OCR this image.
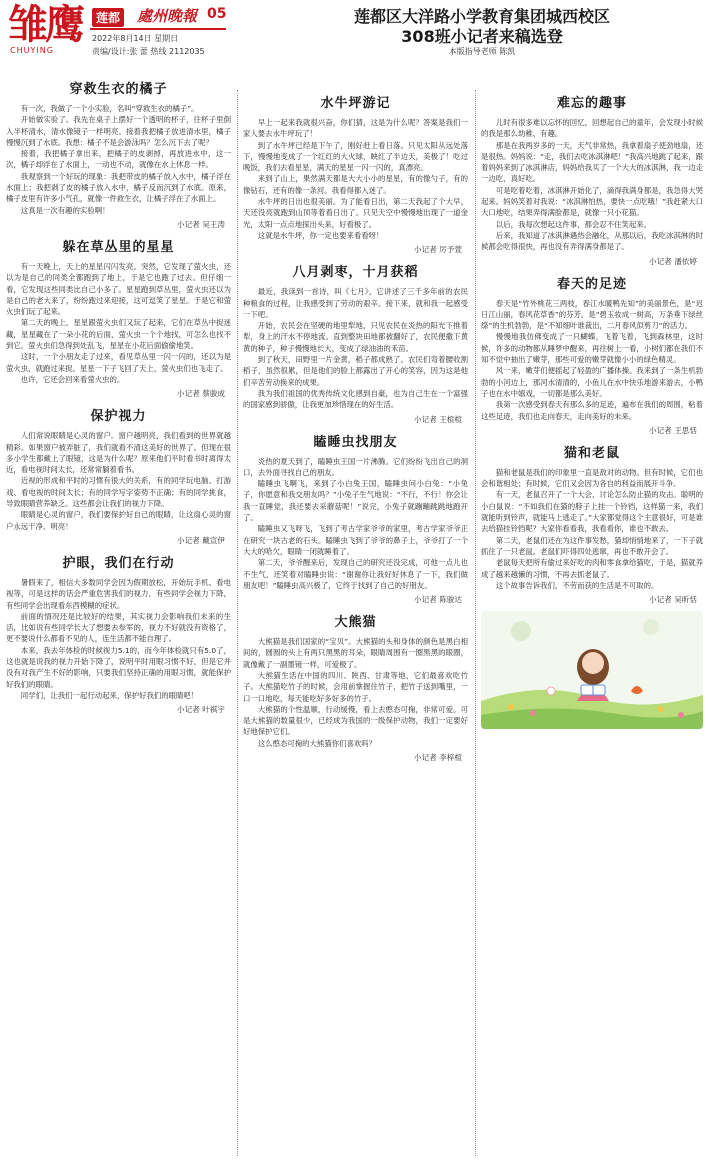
雏鹰
CHUYING
莲都 處州晚報 05
2022年8月14日 星期日
责编/设计:张 蕾 热线 2112035
莲都区大洋路小学教育集团城西校区
308班小记者来稿选登
本版指导老师 陈凯
穿救生衣的橘子

有一次，我做了一个小实验，名叫“穿救生衣的橘子”。

开始做实验了。我先在桌子上摆好一个透明的杯子，往杯子里倒入半杯清水，清水像镜子一样明亮。接着我把橘子放进清水里，橘子慢慢沉到了水底。我想：橘子不是会游泳吗？怎么沉下去了呢？

接着，我把橘子拿出来，把橘子的皮剥掉，再放进水中，这一次，橘子却浮在了水面上，一动也不动，就像在水上休息一样。

我观察到一个好玩的现象：我把带皮的橘子放入水中，橘子浮在水面上；我把剥了皮的橘子放入水中，橘子反而沉到了水底。原来，橘子皮里有许多小气孔，就像一件救生衣，让橘子浮在了水面上。

这真是一次有趣的实验啊！

小记者 吴王涛
躲在草丛里的星星

有一天晚上，天上的星星闪闪发亮。突然，它发现了萤火虫，还以为是自己的同类全都跑到了地上，于是它也跑了过去。但仔细一看，它发现这些同类比自己小多了。星星跑到草丛里，萤火虫还以为是自己的老大来了，纷纷跑过来迎接，这可逗笑了星星。于是它和萤火虫们玩了起来。

第二天的晚上，星星跟萤火虫们又玩了起来，它们在草丛中捉迷藏，星星藏在了一朵小花的后面，萤火虫一个个地找，可怎么也找不到它。萤火虫们急得到处乱飞，星星在小花后面偷偷地笑。

这时，一个小朋友走了过来，看见草丛里一闪一闪的，还以为是萤火虫，就跑过来捉。星星一下子飞回了天上，萤火虫们也飞走了。

也许，它还会回来看萤火虫的。

小记者 蔡骏成
保护视力

人们常说眼睛是心灵的窗户。窗户越明亮，我们看到的世界就越精彩。如果窗户被弄脏了，我们就看不清这美好的世界了。但现在很多小学生都戴上了眼镜，这是为什么呢？原来他们平时看书时离得太近，看电视时间太长，还常常躺着看书。

近视的形成和平时的习惯有很大的关系，有的同学玩电脑、打游戏、看电视的时间太长；有的同学写字姿势不正确；有的同学挑食，导致眼睛营养缺乏。这些都会让我们的视力下降。

眼睛是心灵的窗户，我们要保护好自己的眼睛，让这扇心灵的窗户永远干净、明亮！

小记者 戴宣伊
护眼，我们在行动

暑假来了，相信大多数同学会因为假期放松，开始玩手机、看电视等，可是这样的话会严重危害我们的视力，有些同学会视力下降，有些同学会出现看东西模糊的症状。

前面的情况还是比较好的结果，其实视力会影响我们未来的生活，比如说有些同学长大了想要去参军的，视力不好就没有资格了，更不要说什么都看不见的人，连生活都不能自理了。

本来，我去年体检的时候视力5.1的，而今年体检就只有5.0了，这也就是说我的视力开始下降了，说明平时用眼习惯不好，但是它并没有对我产生不好的影响，只要我们坚持正确的用眼习惯，就能保护好我们的眼睛。

同学们，让我们一起行动起来，保护好我们的眼睛吧！

小记者 叶祺宇
水牛坪游记

早上一起来我就很兴奋，你们猜，这是为什么呢？答案是我们一家人要去水牛坪玩了！

到了水牛坪已经是下午了，刚好赶上看日落。只见太阳从远处落下，慢慢地变成了一个红红的大火球，映红了半边天，美极了！吃过晚饭，我们去看星星，满天的星星一闪一闪的，真漂亮。

来到了山上，果然满天都是大大小小的星星，有的像勺子，有的像钻石，还有的像一条河。我看得都入迷了。

水牛坪的日出也很美丽。为了能看日出，第二天我起了个大早，天还没亮就跑到山顶等着看日出了。只见天空中慢慢地出现了一道金光，太阳一点点地探出头来，好看极了。

这就是水牛坪，你一定也要来看看呀！

小记者 厉予萱
八月剥枣，十月获稻

最近，我读到一首诗，叫《七月》，它讲述了三千多年前的农民种粮食的过程，让我感受到了劳动的艰辛。接下来，就和我一起感受一下吧。

开始，农民会在坚硬的地里犁地，只见农民在炎热的阳光下推着犁，身上的汗水不停地流。直到整块田地都被翻好了，农民便撒下黄黄的种子，种子慢慢地长大，变成了绿油油的禾苗。

到了秋天，田野里一片金黄，稻子都成熟了。农民们弯着腰收割稻子，虽然很累，但是他们的脸上都露出了开心的笑容，因为这是他们辛苦劳动换来的成果。

我为我们祖国的优秀传统文化感到自豪，也为自己生在一个富强的国家感到骄傲，让我更加珍惜现在的好生活。

小记者 王楦楦
瞌睡虫找朋友

炎热的夏天到了，瞌睡虫王国一片沸腾。它们纷纷飞出自己的洞口，去外面寻找自己的朋友。

瞌睡虫飞啊飞，来到了小白兔王国，瞌睡虫问小白兔：“小兔子，你愿意和我交朋友吗？”小兔子生气地说：“不行，不行！你会让我一直睡觉，我还要去采蘑菇呢！”说完，小兔子就蹦蹦跳跳地跑开了。

瞌睡虫又飞呀飞，飞到了考古学家爷爷的家里，考古学家爷爷正在研究一块古老的石头。瞌睡虫飞到了爷爷的鼻子上，爷爷打了一个大大的哈欠，眼睛一闭就睡着了。

第二天，爷爷醒来后，发现自己的研究还没完成，可他一点儿也不生气，还笑着对瞌睡虫说：“谢谢你让我好好休息了一下，我们做朋友吧！”瞌睡虫高兴极了，它终于找到了自己的好朋友。

小记者 陈骏达
大熊猫

大熊猫是我们国家的“宝贝”。大熊猫的头和身体的颜色是黑白相间的，圆圆的头上有两只黑黑的耳朵，眼睛周围有一圈黑黑的眼圈，就像戴了一副墨镜一样，可爱极了。

大熊猫生活在中国的四川、陕西、甘肃等地，它们最喜欢吃竹子。大熊猫吃竹子的时候，会用前掌握住竹子，把竹子送到嘴里，一口一口地吃，每天能吃好多好多的竹子。

大熊猫的个性温顺，行动缓慢，看上去憨态可掬，非常可爱。可是大熊猫的数量很少，已经成为我国的一级保护动物，我们一定要好好地保护它们。

这么憨态可掬的大熊猫你们喜欢吗？

小记者 李梓楦
难忘的趣事

儿时有很多难以忘怀的回忆，回想起自己的童年，会发现小时候的我是那么幼稚、有趣。

那是在我两岁多的一天，天气非常热，我拿着扇子使劲地扇，还是很热。妈妈说：“走，我们去吃冰淇淋吧！”我高兴地跳了起来，跟着妈妈来到了冰淇淋店，妈妈给我买了一个大大的冰淇淋，我一边走一边吃，真好吃。

可是吃着吃着，冰淇淋开始化了，滴得我满身都是，我急得大哭起来。妈妈笑着对我说：“冰淇淋怕热，要快一点吃哦！”我赶紧大口大口地吃，结果弄得满脸都是，就像一只小花猫。

以后，我每次想起这件事，都会忍不住笑起来。

后来，我知道了冰淇淋遇热会融化，从那以后，我吃冰淇淋的时候都会吃得很快，再也没有弄得满身都是了。

小记者 潘依婷
春天的足迹

春天是“竹外桃花三两枝，春江水暖鸭先知”的美丽景色，是“迟日江山丽，春风花草香”的芬芳，是“碧玉妆成一树高，万条垂下绿丝绦”的生机勃勃，是“不知细叶谁裁出，二月春风似剪刀”的活力。

慢慢地我仿佛变成了一只蝴蝶，飞着飞着，飞到森林里，这时候，许多的动物都从睡梦中醒来，再往树上一看，小树们都在我们不知不觉中抽出了嫩芽，那些可爱的嫩芽就像小小的绿色精灵。

风一来，嫩芽们便摇起了轻盈的广播体操。我来到了一条生机勃勃的小河边上，那河水清清的，小鱼儿在水中快乐地游来游去，小鸭子也在水中嬉戏，一切都是那么美好。

我第一次感受到春天有那么多的足迹，遍布在我们的周围，粘着这些足迹，我们也走向春天，走向美好的未来。

小记者 王思恬
猫和老鼠

猫和老鼠是我们的印象里一直是敌对的动物。但有时候，它们也会和谐相处；有时候，它们又会因为各自的利益而展开斗争。

有一天，老鼠召开了一个大会，讨论怎么防止猫的攻击。聪明的小白鼠说：“不如我们在猫的脖子上挂一个铃铛，这样猫一来，我们就能听到铃声，就能马上逃走了。”大家都觉得这个主意很好，可是谁去给猫挂铃铛呢？大家你看看我，我看看你，谁也不敢去。

第二天，老鼠们还在为这件事发愁，猫却悄悄地来了，一下子就抓住了一只老鼠。老鼠们吓得四处逃窜，再也不敢开会了。

老鼠每天把所有偷过来好吃的肉和零食拿给猫吃，于是，猫就养成了越来越懒的习惯，不再去抓老鼠了。

这个故事告诉我们，不劳而获的生活是不可取的。

小记者 吴昕恬
